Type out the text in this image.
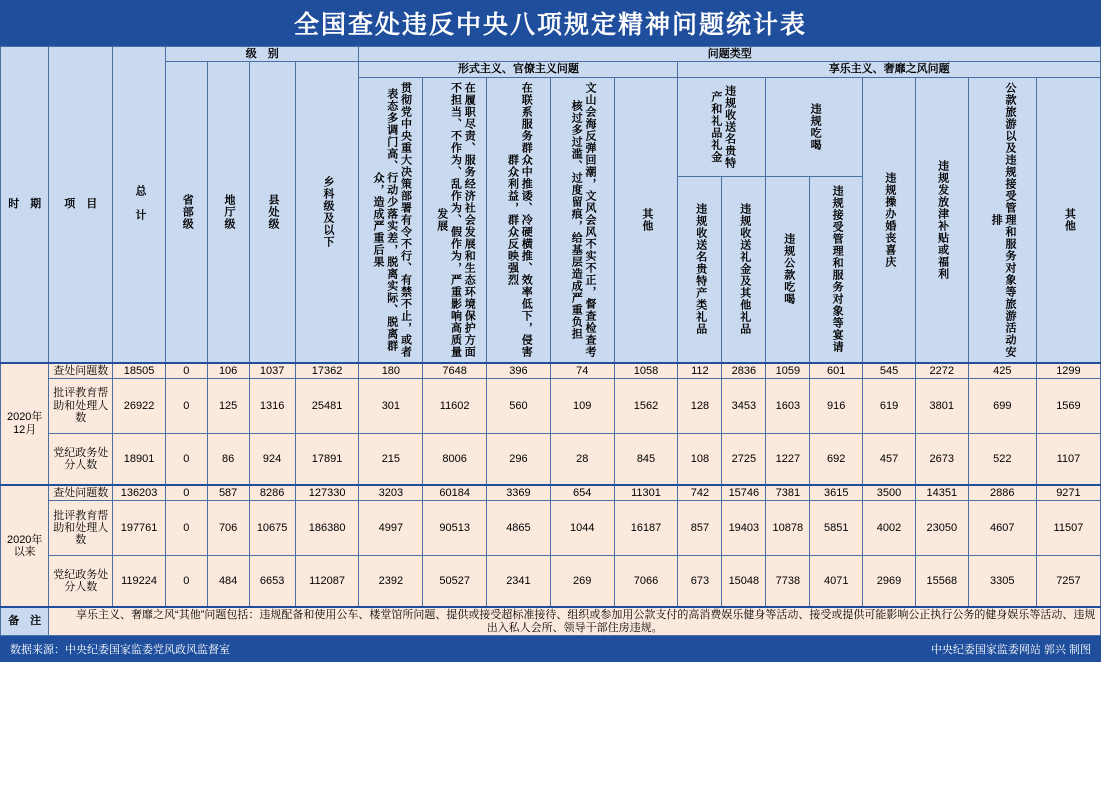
全国查处违反中央八项规定精神问题统计表
时　期	项　目	总　计	级　别				问题类型												

			省部级	地厅级	县处级	乡科级及以下	形式主义、官僚主义问题					享乐主义、奢靡之风问题							

							贯彻党中央重大决策部署有令不行、有禁不止，或者表态多调门高、行动少落实差，脱离实际、脱离群众，造成严重后果	在履职尽责、服务经济社会发展和生态环境保护方面不担当、不作为、乱作为、假作为，严重影响高质量发展	在联系服务群众中推诿、冷硬横推、效率低下，侵害群众利益，群众反映强烈	文山会海反弹回潮，文风会风不实不正，督查检查考核过多过滥、过度留痕，给基层造成严重负担	其他	违规收送名贵特产和礼品礼金		违规吃喝		违规操办婚丧喜庆	违规发放津补贴或福利	公款旅游以及违规接受管理和服务对象等旅游活动安排	其他

												违规收送名贵特产类礼品	违规收送礼金及其他礼品	违规公款吃喝	违规接受管理和服务对象等宴请				

2020年12月	查处问题数	18505	0	106	1037	17362	180	7648	396	74	1058	112	2836	1059	601	545	2272	425	1299
	批评教育帮助和处理人数	26922	0	125	1316	25481	301	11602	560	109	1562	128	3453	1603	916	619	3801	699	1569
	党纪政务处分人数	18901	0	86	924	17891	215	8006	296	28	845	108	2725	1227	692	457	2673	522	1107
2020年以来	查处问题数	136203	0	587	8286	127330	3203	60184	3369	654	11301	742	15746	7381	3615	3500	14351	2886	9271
	批评教育帮助和处理人数	197761	0	706	10675	186380	4997	90513	4865	1044	16187	857	19403	10878	5851	4002	23050	4607	11507
	党纪政务处分人数	119224	0	484	6653	112087	2392	50527	2341	269	7066	673	15048	7738	4071	2969	15568	3305	7257
备　注	享乐主义、奢靡之风“其他”问题包括：违规配备和使用公车、楼堂馆所问题、提供或接受超标准接待、组织或参加用公款支付的高消费娱乐健身等活动、接受或提供可能影响公正执行公务的健身娱乐等活动、违规出入私人会所、领导干部住房违规。																		
数据来源：中央纪委国家监委党风政风监督室	中央纪委国家监委网站 郭兴 制图
